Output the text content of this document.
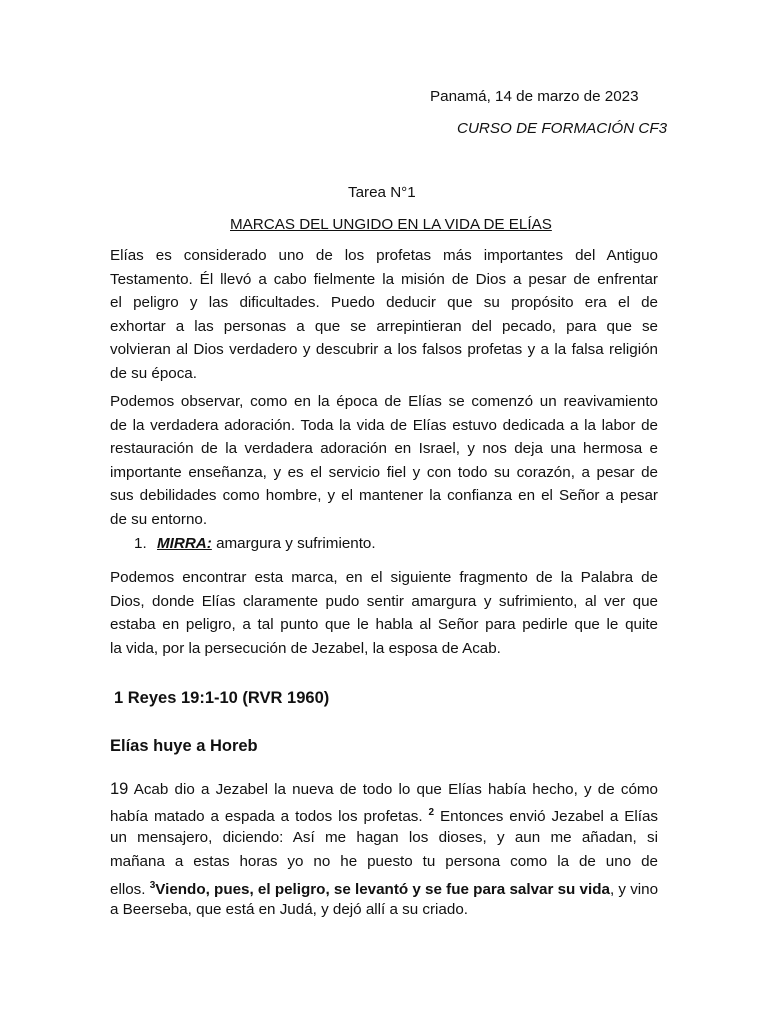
Panamá, 14 de marzo de 2023
CURSO DE FORMACIÓN CF3
Tarea N°1
MARCAS DEL UNGIDO EN LA VIDA DE ELÍAS
Elías es considerado uno de los profetas más importantes del Antiguo
Testamento. Él llevó a cabo fielmente la misión de Dios a pesar de enfrentar
el peligro y las dificultades. Puedo deducir que su propósito era el de
exhortar a las personas a que se arrepintieran del pecado, para que se
volvieran al Dios verdadero y descubrir a los falsos profetas y a la falsa religión
de su época.
Podemos observar, como en la época de Elías se comenzó un reavivamiento
de la verdadera adoración. Toda la vida de Elías estuvo dedicada a la labor de
restauración de la verdadera adoración en Israel, y nos deja una hermosa e
importante enseñanza, y es el servicio fiel y con todo su corazón, a pesar de
sus debilidades como hombre, y el mantener la confianza en el Señor a pesar
de su entorno.
1. MIRRA: amargura y sufrimiento.
Podemos encontrar esta marca, en el siguiente fragmento de la Palabra de
Dios, donde Elías claramente pudo sentir amargura y sufrimiento, al ver que
estaba en peligro, a tal punto que le habla al Señor para pedirle que le quite
la vida, por la persecución de Jezabel, la esposa de Acab.
1 Reyes 19:1-10 (RVR 1960)
Elías huye a Horeb
19 Acab dio a Jezabel la nueva de todo lo que Elías había hecho, y de cómo
había matado a espada a todos los profetas. $^2$ Entonces envió Jezabel a Elías
un mensajero, diciendo: Así me hagan los dioses, y aun me añadan, si
mañana a estas horas yo no he puesto tu persona como la de uno de
ellos. $^3$Viendo, pues, el peligro, se levantó y se fue para salvar su vida, y vino
a Beerseba, que está en Judá, y dejó allí a su criado.
